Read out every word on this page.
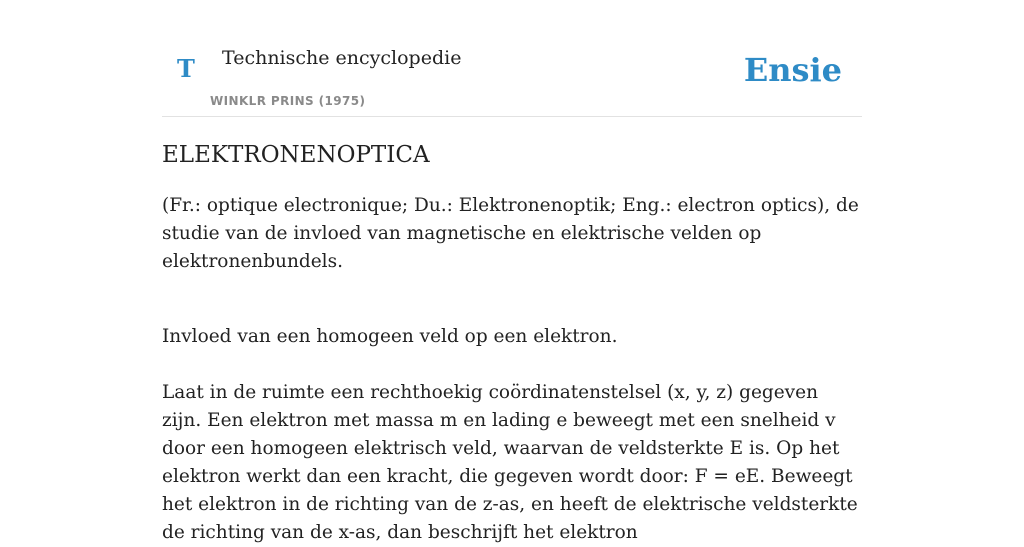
T Technische encyclopedie
WINKLR PRINS (1975)
Ensie
ELEKTRONENOPTICA

(Fr.: optique electronique; Du.: Elektronenoptik; Eng.: electron optics), de studie van de invloed van magnetische en elektrische velden op elektronenbundels.

Invloed van een homogeen veld op een elektron.

Laat in de ruimte een rechthoekig coördinatenstelsel (x, y, z) gegeven zijn. Een elektron met massa m en lading e beweegt met een snelheid v door een homogeen elektrisch veld, waarvan de veldsterkte E is. Op het elektron werkt dan een kracht, die gegeven wordt door: F = eE. Beweegt het elektron in de richting van de z-as, en heeft de elektrische veldsterkte de richting van de x-as, dan beschrijft het elektron
